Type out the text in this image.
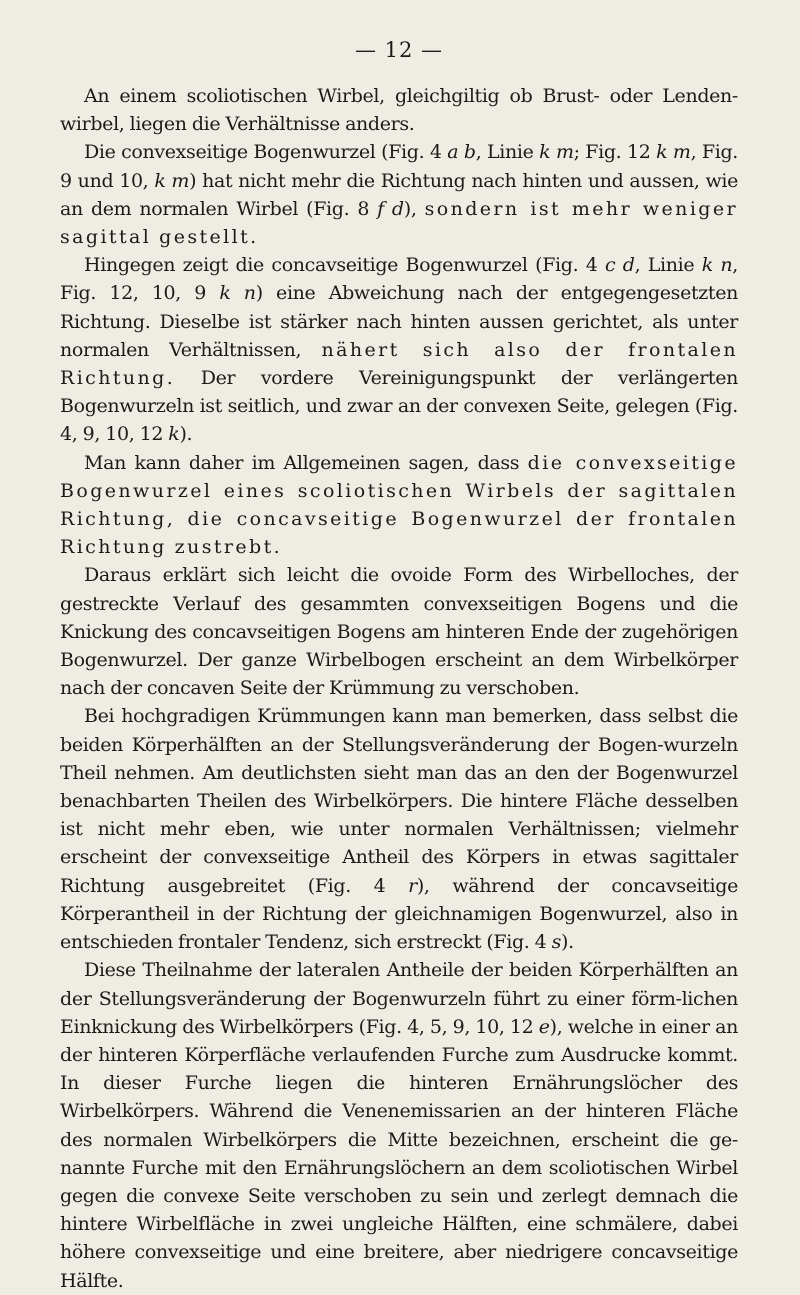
— 12 —

An einem scoliotischen Wirbel, gleichgiltig ob Brust- oder Lenden-wirbel, liegen die Verhältnisse anders.

Die convexseitige Bogenwurzel (Fig. 4 a b, Linie k m; Fig. 12 k m, Fig. 9 und 10, k m) hat nicht mehr die Richtung nach hinten und aussen, wie an dem normalen Wirbel (Fig. 8 f d), sondern ist mehr weniger sagittal gestellt.

Hingegen zeigt die concavseitige Bogenwurzel (Fig. 4 c d, Linie k n, Fig. 12, 10, 9 k n) eine Abweichung nach der entgegengesetzten Richtung. Dieselbe ist stärker nach hinten aussen gerichtet, als unter normalen Verhältnissen, nähert sich also der frontalen Richtung. Der vordere Vereinigungspunkt der verlängerten Bogenwurzeln ist seitlich, und zwar an der convexen Seite, gelegen (Fig. 4, 9, 10, 12 k).

Man kann daher im Allgemeinen sagen, dass die convexseitige Bogenwurzel eines scoliotischen Wirbels der sagittalen Richtung, die concavseitige Bogenwurzel der frontalen Richtung zustrebt.

Daraus erklärt sich leicht die ovoide Form des Wirbelloches, der gestreckte Verlauf des gesammten convexseitigen Bogens und die Knickung des concavseitigen Bogens am hinteren Ende der zugehörigen Bogenwurzel. Der ganze Wirbelbogen erscheint an dem Wirbelkörper nach der concaven Seite der Krümmung zu verschoben.

Bei hochgradigen Krümmungen kann man bemerken, dass selbst die beiden Körperhälften an der Stellungsveränderung der Bogen-wurzeln Theil nehmen. Am deutlichsten sieht man das an den der Bogenwurzel benachbarten Theilen des Wirbelkörpers. Die hintere Fläche desselben ist nicht mehr eben, wie unter normalen Verhältnissen; vielmehr erscheint der convexseitige Antheil des Körpers in etwas sagittaler Richtung ausgebreitet (Fig. 4 r), während der concavseitige Körperantheil in der Richtung der gleichnamigen Bogenwurzel, also in entschieden frontaler Tendenz, sich erstreckt (Fig. 4 s).

Diese Theilnahme der lateralen Antheile der beiden Körperhälften an der Stellungsveränderung der Bogenwurzeln führt zu einer förm-lichen Einknickung des Wirbelkörpers (Fig. 4, 5, 9, 10, 12 e), welche in einer an der hinteren Körperfläche verlaufenden Furche zum Ausdrucke kommt. In dieser Furche liegen die hinteren Ernährungslöcher des Wirbelkörpers. Während die Venenemissarien an der hinteren Fläche des normalen Wirbelkörpers die Mitte bezeichnen, erscheint die ge-nannte Furche mit den Ernährungslöchern an dem scoliotischen Wirbel gegen die convexe Seite verschoben zu sein und zerlegt demnach die hintere Wirbelfläche in zwei ungleiche Hälften, eine schmälere, dabei höhere convexseitige und eine breitere, aber niedrigere concavseitige Hälfte.
